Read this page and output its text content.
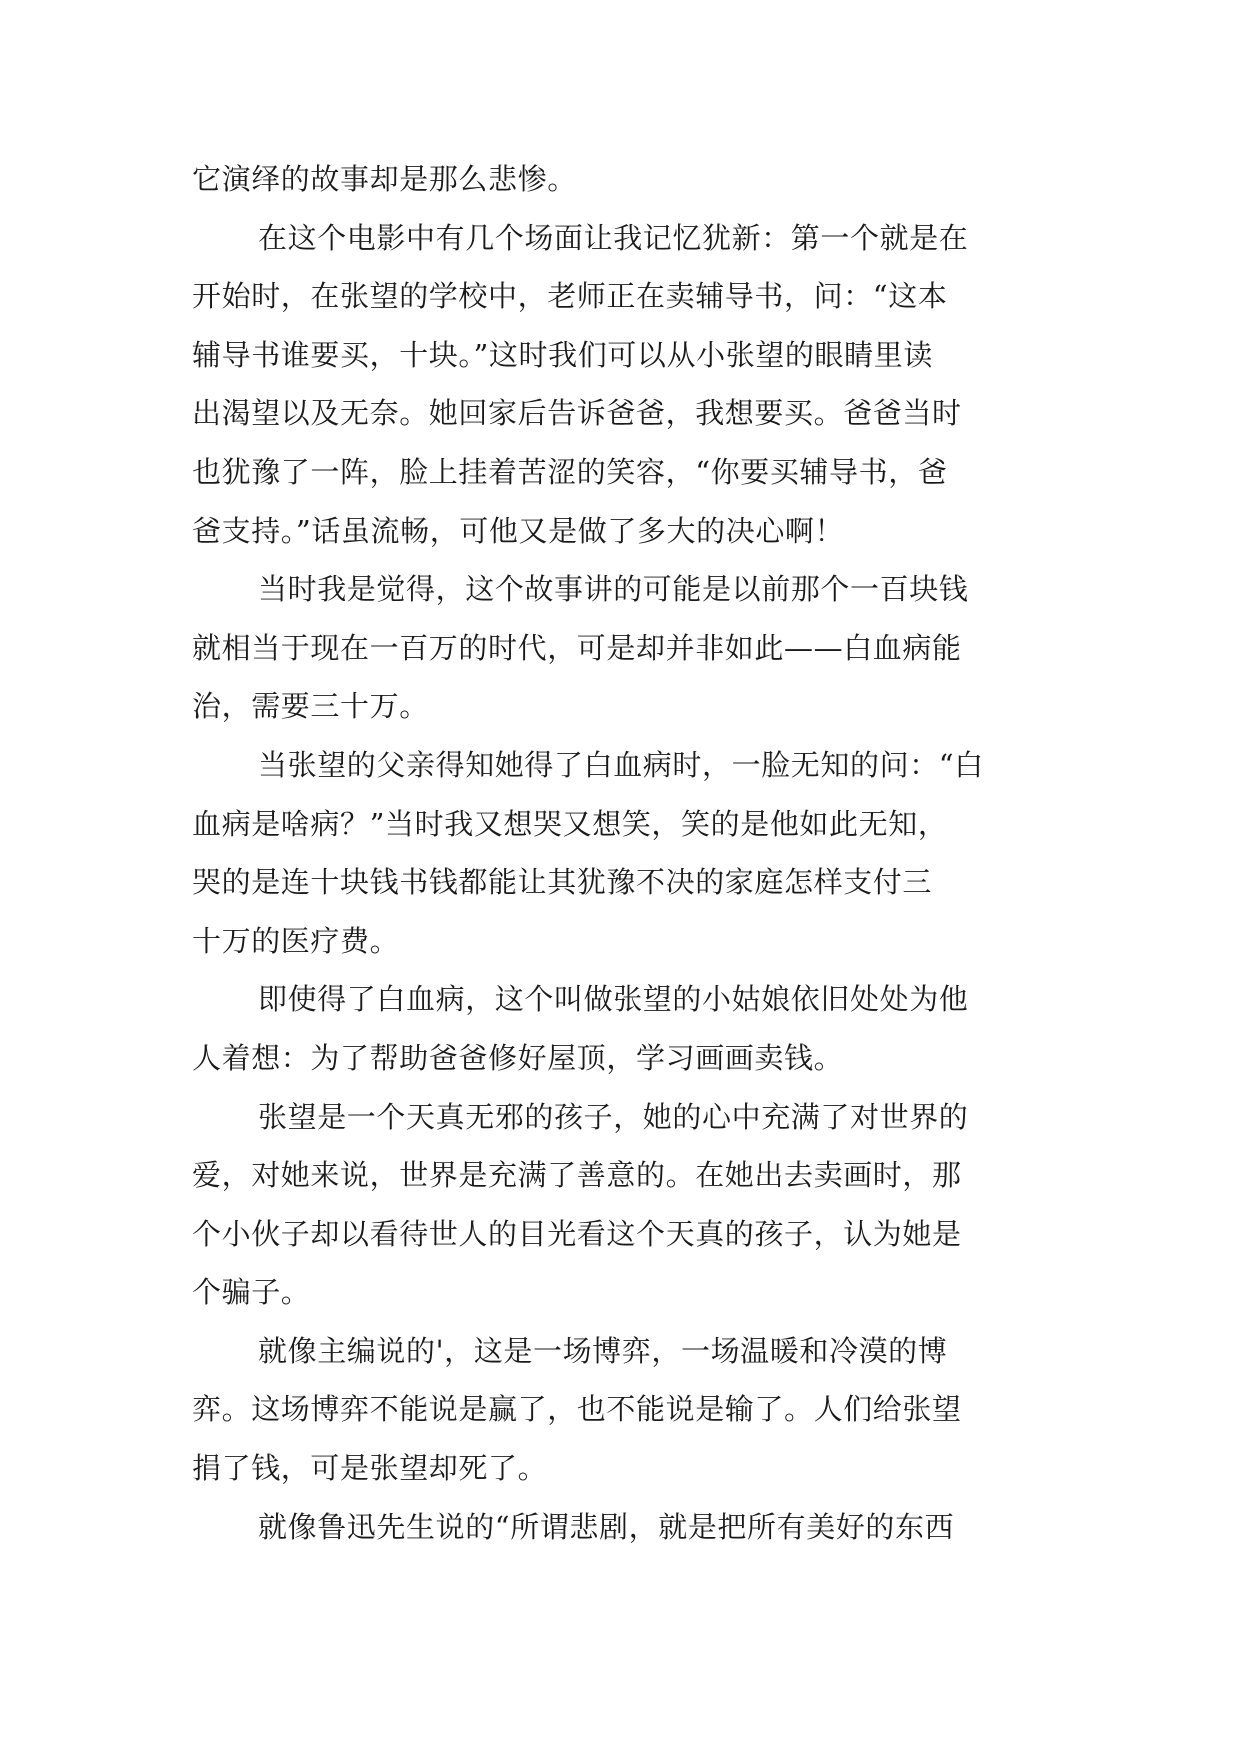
它演绎的故事却是那么悲惨。
在这个电影中有几个场面让我记忆犹新：第一个就是在
开始时，在张望的学校中，老师正在卖辅导书，问：“这本
辅导书谁要买，十块。”这时我们可以从小张望的眼睛里读
出渴望以及无奈。她回家后告诉爸爸，我想要买。爸爸当时
也犹豫了一阵，脸上挂着苦涩的笑容，“你要买辅导书，爸
爸支持。”话虽流畅，可他又是做了多大的决心啊！
当时我是觉得，这个故事讲的可能是以前那个一百块钱
就相当于现在一百万的时代，可是却并非如此——白血病能
治，需要三十万。
当张望的父亲得知她得了白血病时，一脸无知的问：“白
血病是啥病？”当时我又想哭又想笑，笑的是他如此无知，
哭的是连十块钱书钱都能让其犹豫不决的家庭怎样支付三
十万的医疗费。
即使得了白血病，这个叫做张望的小姑娘依旧处处为他
人着想：为了帮助爸爸修好屋顶，学习画画卖钱。
张望是一个天真无邪的孩子，她的心中充满了对世界的
爱，对她来说，世界是充满了善意的。在她出去卖画时，那
个小伙子却以看待世人的目光看这个天真的孩子，认为她是
个骗子。
就像主编说的'，这是一场博弈，一场温暖和冷漠的博
弈。这场博弈不能说是赢了，也不能说是输了。人们给张望
捐了钱，可是张望却死了。
就像鲁迅先生说的“所谓悲剧，就是把所有美好的东西
